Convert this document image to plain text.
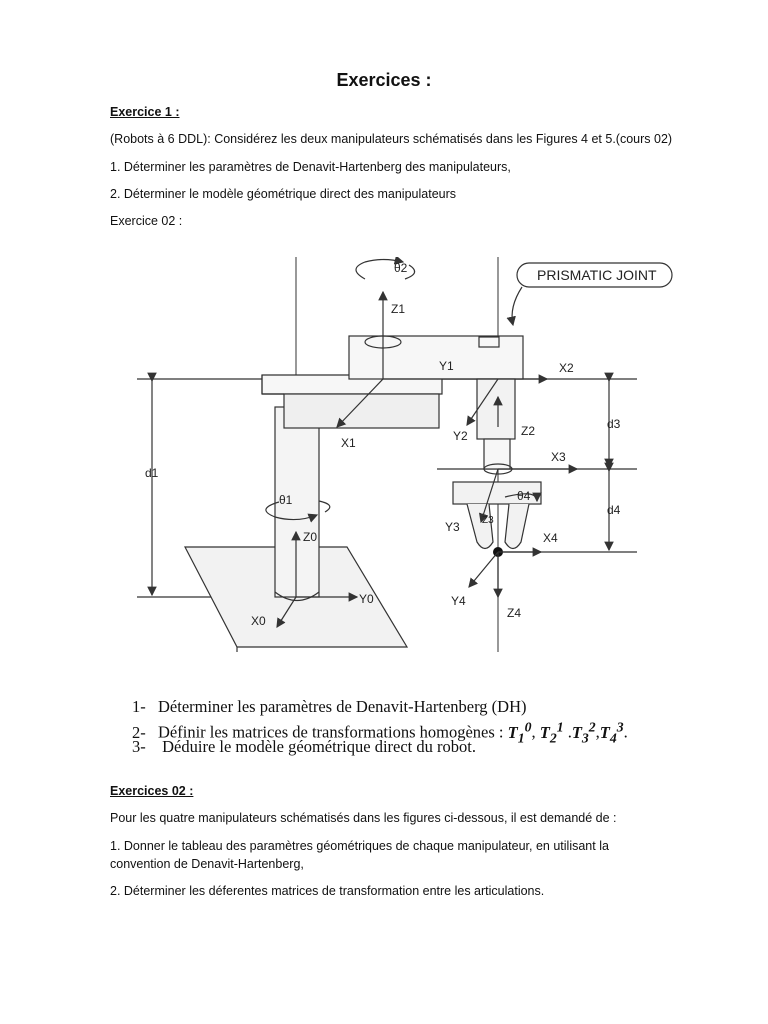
Exercices :
Exercice 1 :
(Robots à 6 DDL): Considérez les deux manipulateurs schématisés dans les Figures 4 et 5.(cours 02)
1. Déterminer les paramètres de Denavit-Hartenberg des manipulateurs,
2. Déterminer le modèle géométrique direct des manipulateurs
Exercice 02 :
PRISMATIC JOINT
θ2
Z1
Y1	X2
X1	Y2	Z2	d3
X3
d1
θ1	θ4
Z3
Y3
d4
X4
Z0
Y0
X0
Y4
Z4
1- Déterminer les paramètres de Denavit-Hartenberg (DH)
2- Définir les matrices de transformations homogènes : $T_1^0$, $T_2^1$ $.T_3^2,T_4^3$.
3- Déduire le modèle géométrique direct du robot.
Exercices 02 :
Pour les quatre manipulateurs schématisés dans les figures ci-dessous, il est demandé de :
1. Donner le tableau des paramètres géométriques de chaque manipulateur, en utilisant la convention de Denavit-Hartenberg,
2. Déterminer les déferentes matrices de transformation entre les articulations.
